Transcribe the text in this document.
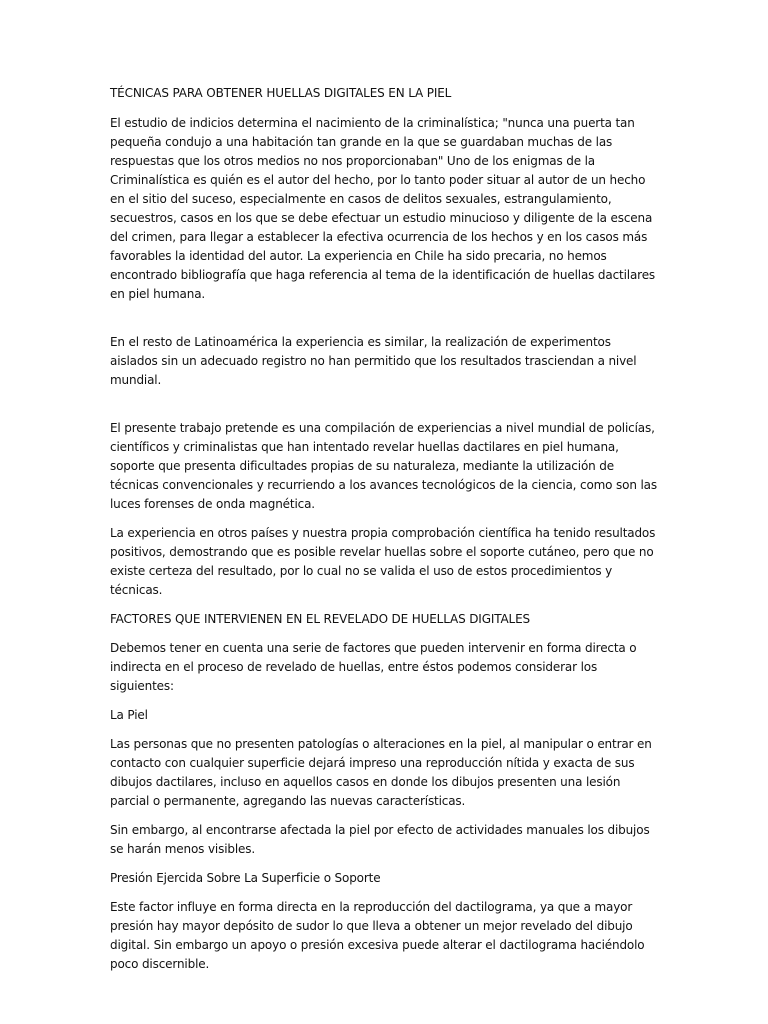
TÉCNICAS PARA OBTENER HUELLAS DIGITALES EN LA PIEL

El estudio de indicios determina el nacimiento de la criminalística; "nunca una puerta tan pequeña condujo a una habitación tan grande en la que se guardaban muchas de las respuestas que los otros medios no nos proporcionaban" Uno de los enigmas de la Criminalística es quién es el autor del hecho, por lo tanto poder situar al autor de un hecho en el sitio del suceso, especialmente en casos de delitos sexuales, estrangulamiento, secuestros, casos en los que se debe efectuar un estudio minucioso y diligente de la escena del crimen, para llegar a establecer la efectiva ocurrencia de los hechos y en los casos más favorables la identidad del autor. La experiencia en Chile ha sido precaria, no hemos encontrado bibliografía que haga referencia al tema de la identificación de huellas dactilares en piel humana.

En el resto de Latinoamérica la experiencia es similar, la realización de experimentos aislados sin un adecuado registro no han permitido que los resultados trasciendan a nivel mundial.

El presente trabajo pretende es una compilación de experiencias a nivel mundial de policías, científicos y criminalistas que han intentado revelar huellas dactilares en piel humana, soporte que presenta dificultades propias de su naturaleza, mediante la utilización de técnicas convencionales y recurriendo a los avances tecnológicos de la ciencia, como son las luces forenses de onda magnética.

La experiencia en otros países y nuestra propia comprobación científica ha tenido resultados positivos, demostrando que es posible revelar huellas sobre el soporte cutáneo, pero que no existe certeza del resultado, por lo cual no se valida el uso de estos procedimientos y técnicas.

FACTORES QUE INTERVIENEN EN EL REVELADO DE HUELLAS DIGITALES

Debemos tener en cuenta una serie de factores que pueden intervenir en forma directa o indirecta en el proceso de revelado de huellas, entre éstos podemos considerar los siguientes:

La Piel

Las personas que no presenten patologías o alteraciones en la piel, al manipular o entrar en contacto con cualquier superficie dejará impreso una reproducción nítida y exacta de sus dibujos dactilares, incluso en aquellos casos en donde los dibujos presenten una lesión parcial o permanente, agregando las nuevas características.

Sin embargo, al encontrarse afectada la piel por efecto de actividades manuales los dibujos se harán menos visibles.

Presión Ejercida Sobre La Superficie o Soporte

Este factor influye en forma directa en la reproducción del dactilograma, ya que a mayor presión hay mayor depósito de sudor lo que lleva a obtener un mejor revelado del dibujo digital. Sin embargo un apoyo o presión excesiva puede alterar el dactilograma haciéndolo poco discernible.
